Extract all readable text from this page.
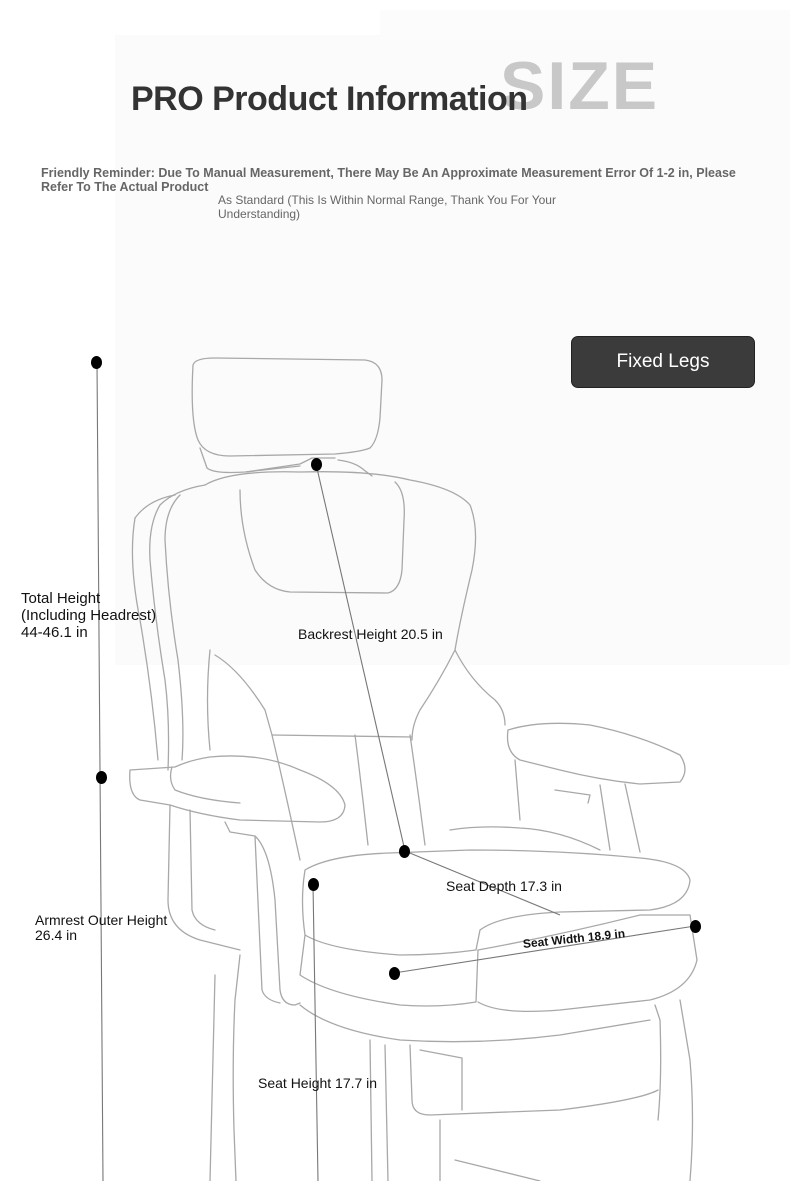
SIZE
PRO Product Information
Friendly Reminder: Due To Manual Measurement, There May Be An Approximate Measurement Error Of 1-2 in, Please Refer To The Actual Product
As Standard (This Is Within Normal Range, Thank You For Your Understanding)
Fixed Legs
Total Height
(Including Headrest)
44-46.1 in	Backrest Height 20.5 in
Seat Depth 17.3 in
Seat Width 18.9 in
Armrest Outer Height
26.4 in
Seat Height 17.7 in
